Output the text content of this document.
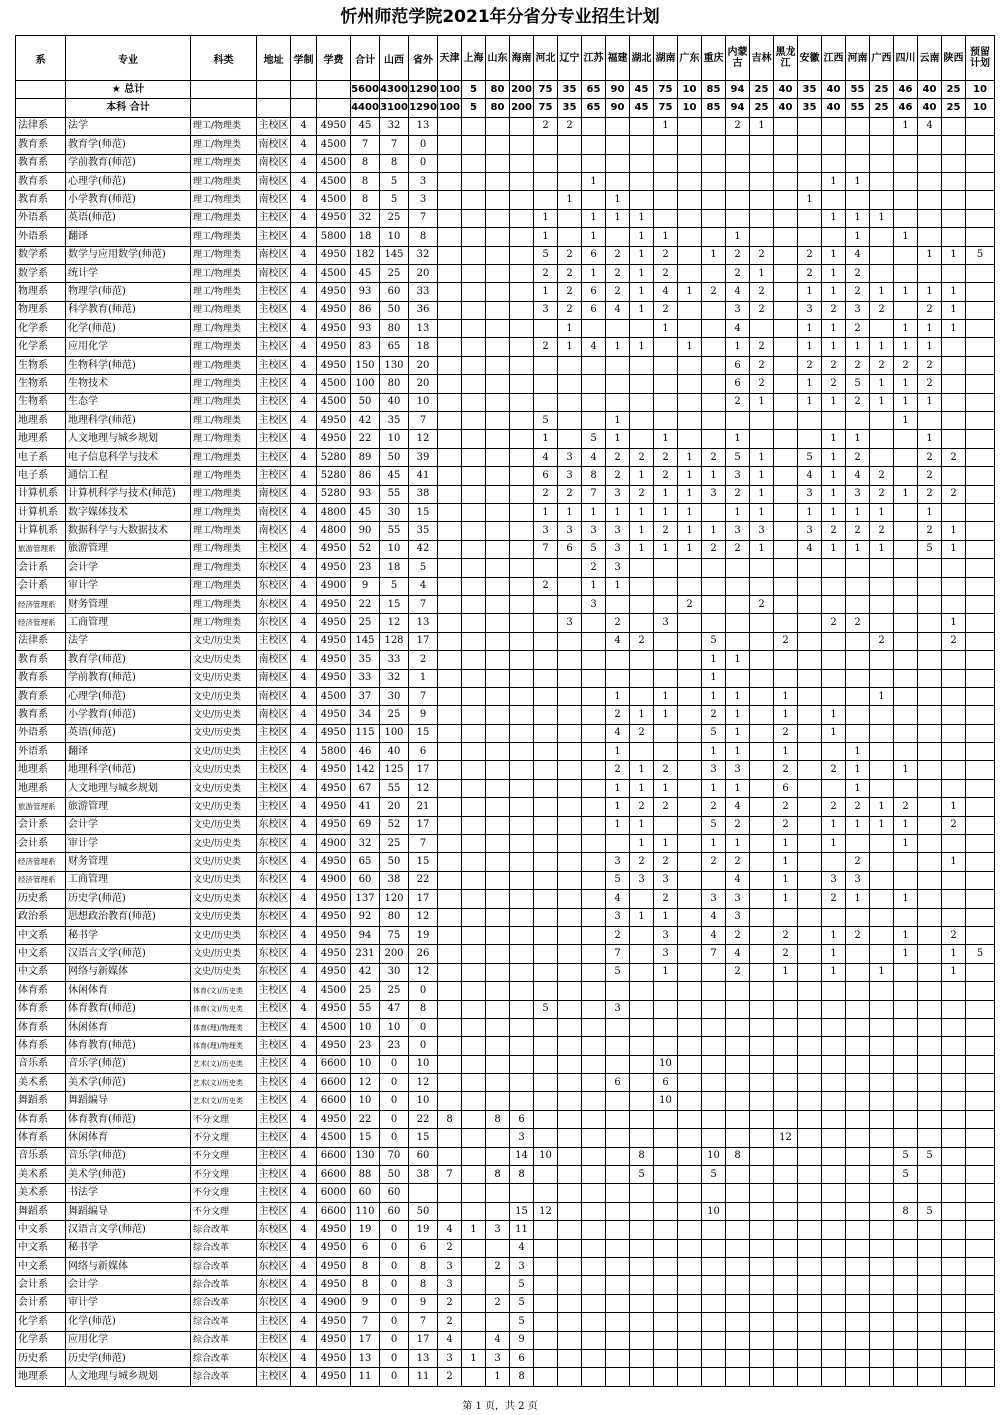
忻州师范学院2021年分省分专业招生计划
系	专业	科类	地址	学制	学费	合计	山西	省外	天津	上海	山东	海南	河北	辽宁	江苏	福建	湖北	湖南	广东	重庆	内蒙古	吉林	黑龙江	安徽	江西	河南	广西	四川	云南	陕西	预留计划
	★ 总计					5600	4300	1290	100	5	80	200	75	35	65	90	45	75	10	85	94	25	40	35	40	55	25	46	40	25	10
	本科 合计					4400	3100	1290	100	5	80	200	75	35	65	90	45	75	10	85	94	25	40	35	40	55	25	46	40	25	10
法律系	法学	理工/物理类	主校区	4	4950	45	32	13					2	2				1			2	1						1	4		
教育系	教育学(师范)	理工/物理类	南校区	4	4500	7	7	0																							
教育系	学前教育(师范)	理工/物理类	南校区	4	4500	8	8	0																							
教育系	心理学(师范)	理工/物理类	南校区	4	4500	8	5	3							1										1	1					
教育系	小学教育(师范)	理工/物理类	南校区	4	4500	8	5	3						1		1								1							
外语系	英语(师范)	理工/物理类	主校区	4	4950	32	25	7					1		1	1	1								1	1	1				
外语系	翻译	理工/物理类	主校区	4	5800	18	10	8					1		1		1	1			1					1		1			
数学系	数学与应用数学(师范)	理工/物理类	南校区	4	4950	182	145	32					5	2	6	2	1	2		1	2	2		2	1	4			1	1	5
数学系	统计学	理工/物理类	南校区	4	4500	45	25	20					2	2	1	2	1	2			2	1		2	1	2					
物理系	物理学(师范)	理工/物理类	主校区	4	4950	93	60	33					1	2	6	2	1	4	1	2	4	2		1	1	2	1	1	1	1	
物理系	科学教育(师范)	理工/物理类	主校区	4	4950	86	50	36					3	2	6	4	1	2			3	2		3	2	3	2		2	1	
化学系	化学(师范)	理工/物理类	主校区	4	4950	93	80	13						1				1			4			1	1	2		1	1	1	
化学系	应用化学	理工/物理类	主校区	4	4950	83	65	18					2	1	4	1	1		1		1	2		1	1	1	1	1	1		
生物系	生物科学(师范)	理工/物理类	主校区	4	4950	150	130	20													6	2		2	2	2	2	2	2		
生物系	生物技术	理工/物理类	主校区	4	4500	100	80	20													6	2		1	2	5	1	1	2		
生物系	生态学	理工/物理类	主校区	4	4500	50	40	10													2	1		1	1	2	1	1	1		
地理系	地理科学(师范)	理工/物理类	主校区	4	4950	42	35	7					5			1												1			
地理系	人文地理与城乡规划	理工/物理类	主校区	4	4950	22	10	12					1		5	1		1			1				1	1			1		
电子系	电子信息科学与技术	理工/物理类	主校区	4	5280	89	50	39					4	3	4	2	2	2	1	2	5	1		5	1	2			2	2	
电子系	通信工程	理工/物理类	主校区	4	5280	86	45	41					6	3	8	2	1	2	1	1	3	1		4	1	4	2		2		
计算机系	计算机科学与技术(师范)	理工/物理类	南校区	4	5280	93	55	38					2	2	7	3	2	1	1	3	2	1		3	1	3	2	1	2	2	
计算机系	数字媒体技术	理工/物理类	南校区	4	4800	45	30	15					1	1	1	1	1	1	1		1	1		1	1	1	1		1		
计算机系	数据科学与大数据技术	理工/物理类	南校区	4	4800	90	55	35					3	3	3	3	1	2	1	1	3	3		3	2	2	2		2	1	
旅游管理系	旅游管理	理工/物理类	主校区	4	4950	52	10	42					7	6	5	3	1	1	1	2	2	1		4	1	1	1		5	1	
会计系	会计学	理工/物理类	东校区	4	4950	23	18	5							2	3															
会计系	审计学	理工/物理类	东校区	4	4900	9	5	4					2		1	1															
经济管理系	财务管理	理工/物理类	东校区	4	4950	22	15	7							3				2			2									
经济管理系	工商管理	理工/物理类	东校区	4	4950	25	12	13						3		2		3							2	2				1	
法律系	法学	文史/历史类	主校区	4	4950	145	128	17								4	2			5			2				2			2	
教育系	教育学(师范)	文史/历史类	南校区	4	4950	35	33	2												1	1										
教育系	学前教育(师范)	文史/历史类	南校区	4	4950	33	32	1												1											
教育系	心理学(师范)	文史/历史类	南校区	4	4500	37	30	7								1		1		1	1		1				1				
教育系	小学教育(师范)	文史/历史类	南校区	4	4950	34	25	9								2	1	1		2	1		1		1						
外语系	英语(师范)	文史/历史类	主校区	4	4950	115	100	15								4	2			5	1		2		1						
外语系	翻译	文史/历史类	主校区	4	5800	46	40	6								1				1	1		1			1					
地理系	地理科学(师范)	文史/历史类	主校区	4	4950	142	125	17								2	1	2		3	3		2		2	1		1			
地理系	人文地理与城乡规划	文史/历史类	主校区	4	4950	67	55	12								1	1	1		1	1		6			1					
旅游管理系	旅游管理	文史/历史类	主校区	4	4950	41	20	21								1	2	2		2	4		2		2	2	1	2		1	
会计系	会计学	文史/历史类	东校区	4	4950	69	52	17								1	1			5	2		2		1	1	1	1		2	
会计系	审计学	文史/历史类	东校区	4	4900	32	25	7									1	1		1	1		1		1			1			
经济管理系	财务管理	文史/历史类	东校区	4	4950	65	50	15								3	2	2		2	2		1			2				1	
经济管理系	工商管理	文史/历史类	东校区	4	4900	60	38	22								5	3	3			4		1		3	3					
历史系	历史学(师范)	文史/历史类	东校区	4	4950	137	120	17								4		2		3	3		1		2	1		1			
政治系	思想政治教育(师范)	文史/历史类	东校区	4	4950	92	80	12								3	1	1		4	3										
中文系	秘书学	文史/历史类	东校区	4	4950	94	75	19								2		3		4	2		2		1	2		1		2	
中文系	汉语言文学(师范)	文史/历史类	东校区	4	4950	231	200	26								7		3		7	4		2		1			1		1	5
中文系	网络与新媒体	文史/历史类	东校区	4	4950	42	30	12								5		1			2		1		1		1			1	
体育系	休闲体育	体育(文)/历史类	主校区	4	4500	25	25	0																							
体育系	体育教育(师范)	体育(文)/历史类	主校区	4	4950	55	47	8					5			3															
体育系	休闲体育	体育(理)/物理类	主校区	4	4500	10	10	0																							
体育系	体育教育(师范)	体育(理)/物理类	主校区	4	4950	23	23	0																							
音乐系	音乐学(师范)	艺术(文)/历史类	主校区	4	6600	10	0	10										10													
美术系	美术学(师范)	艺术(文)/历史类	主校区	4	6600	12	0	12								6		6													
舞蹈系	舞蹈编导	艺术(文)/历史类	主校区	4	6600	10	0	10										10													
体育系	体育教育(师范)	不分文理	主校区	4	4950	22	0	22	8		8	6																			
体育系	休闲体育	不分文理	主校区	4	4500	15	0	15				3											12								
音乐系	音乐学(师范)	不分文理	主校区	4	6600	130	70	60				14	10				8			10	8							5	5		
美术系	美术学(师范)	不分文理	主校区	4	6600	88	50	38	7		8	8					5			5								5			
美术系	书法学	不分文理	主校区	4	6000	60	60																								
舞蹈系	舞蹈编导	不分文理	主校区	4	6600	110	60	50				15	12							10								8	5		
中文系	汉语言文学(师范)	综合改革	东校区	4	4950	19	0	19	4	1	3	11																			
中文系	秘书学	综合改革	东校区	4	4950	6	0	6	2			4																			
中文系	网络与新媒体	综合改革	东校区	4	4950	8	0	8	3		2	3																			
会计系	会计学	综合改革	东校区	4	4950	8	0	8	3			5																			
会计系	审计学	综合改革	东校区	4	4900	9	0	9	2		2	5																			
化学系	化学(师范)	综合改革	主校区	4	4950	7	0	7	2			5																			
化学系	应用化学	综合改革	主校区	4	4950	17	0	17	4		4	9																			
历史系	历史学(师范)	综合改革	东校区	4	4950	13	0	13	3	1	3	6																			
地理系	人文地理与城乡规划	综合改革	主校区	4	4950	11	0	11	2		1	8																			
第 1 页，共 2 页
